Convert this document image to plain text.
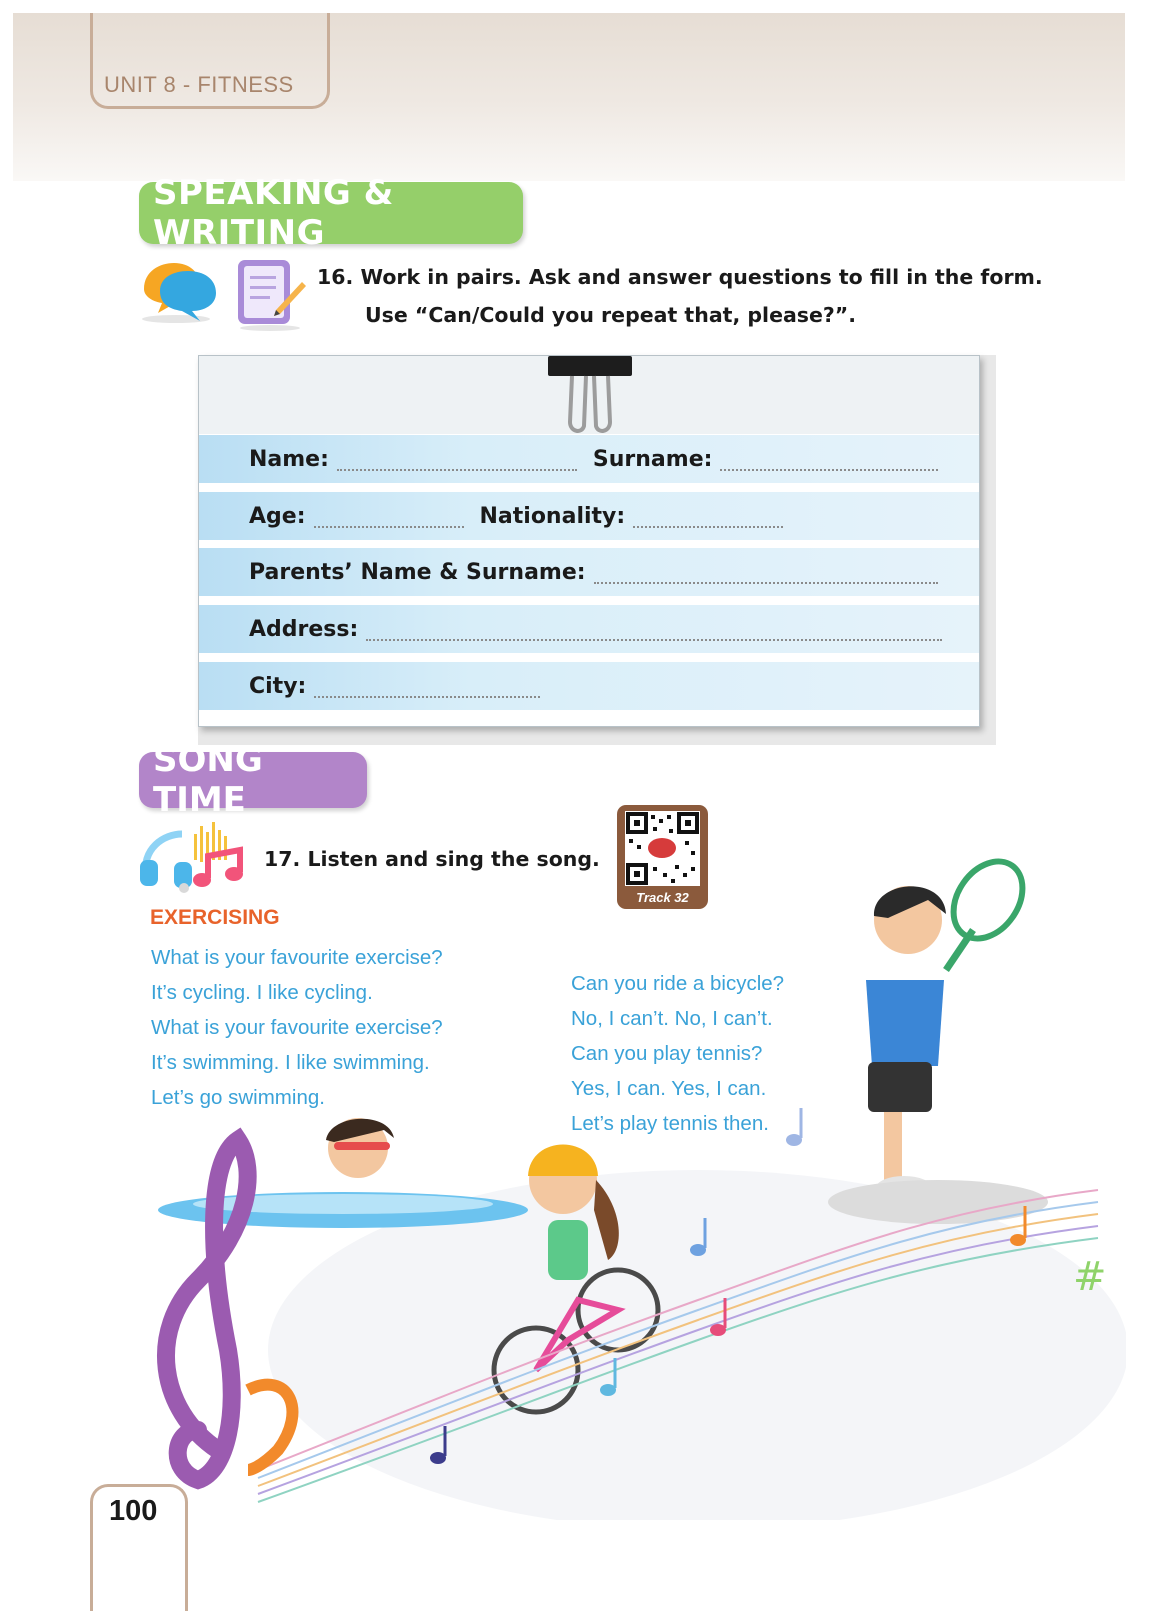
UNIT 8 - FITNESS
SPEAKING & WRITING
16. Work in pairs. Ask and answer questions to fill in the form.
Use “Can/Could you repeat that, please?”.
Name:	Surname:
Age:	Nationality:
Parents’ Name & Surname:
Address:
City:
SONG TIME
17. Listen and sing the song.
Track 32
EXERCISING
What is your favourite exercise?
It’s cycling. I like cycling.
What is your favourite exercise?
It’s swimming. I like swimming.
Let’s go swimming.
Can you ride a bicycle?
No, I can’t. No, I can’t.
Can you play tennis?
Yes, I can. Yes, I can.
Let’s play tennis then.
#
100
